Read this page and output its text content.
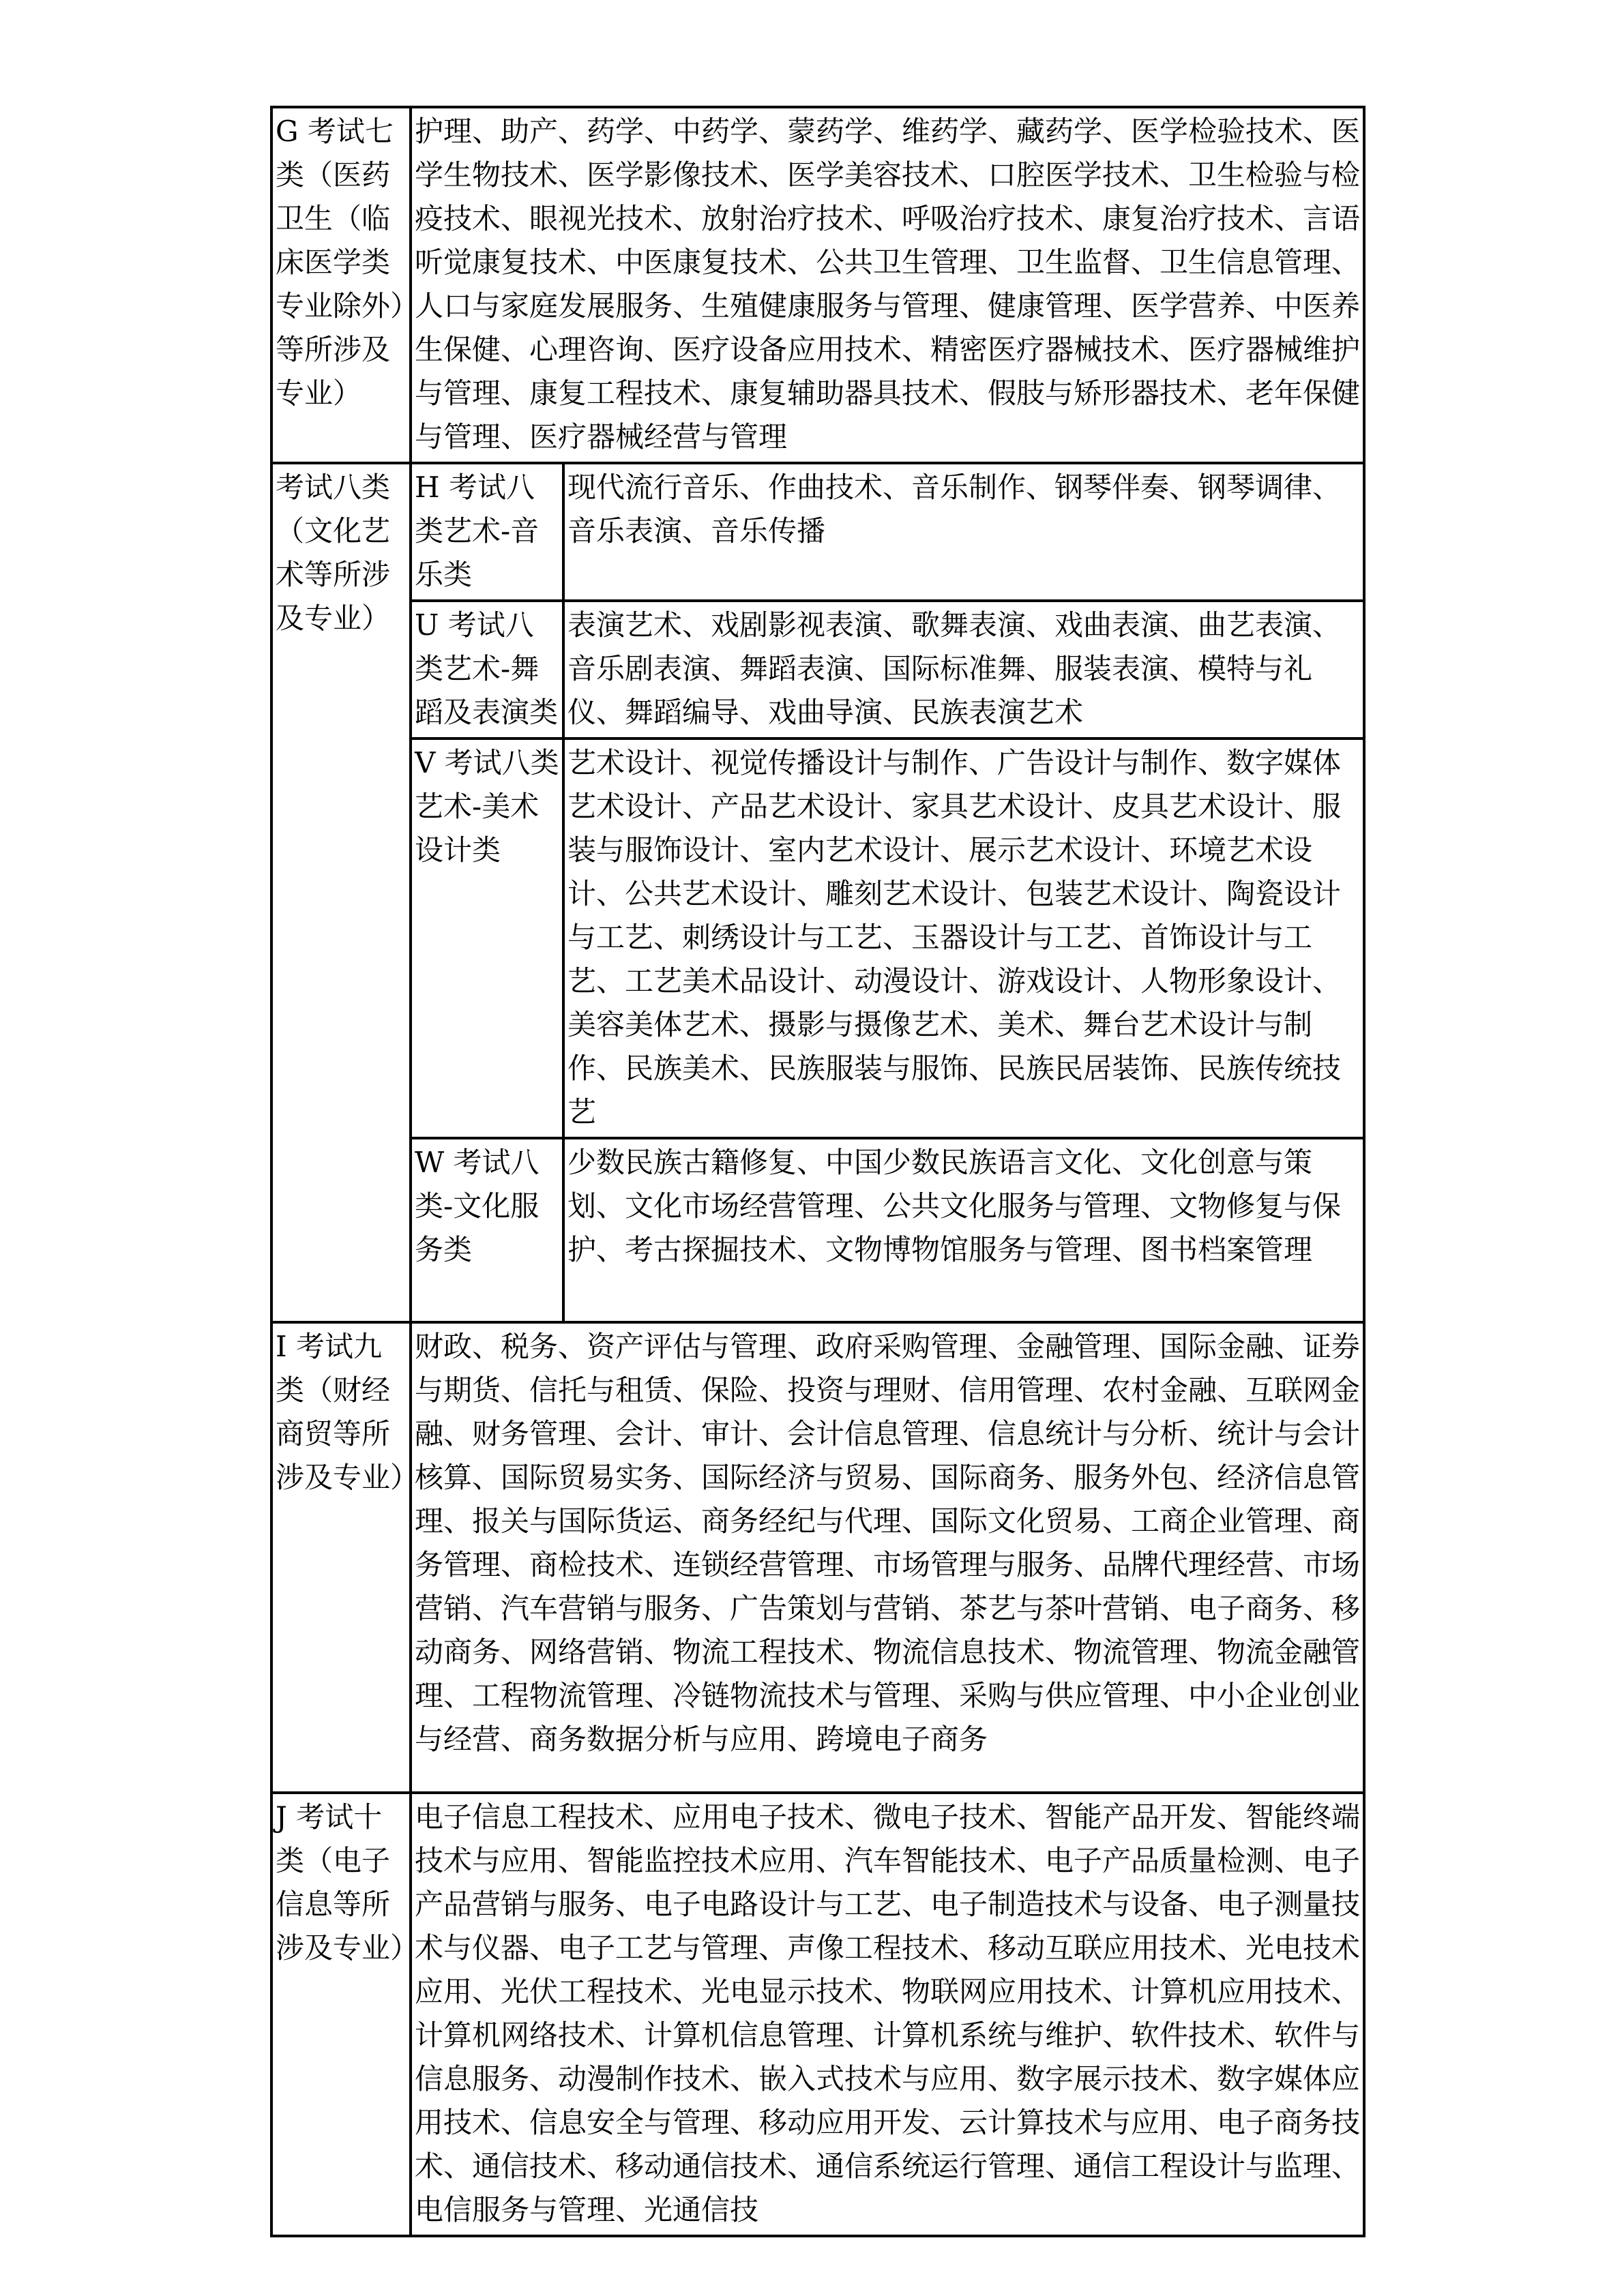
G 考试七类（医药卫生（临床医学类专业除外）等所涉及专业）	护理、助产、药学、中药学、蒙药学、维药学、藏药学、医学检验技术、医学生物技术、医学影像技术、医学美容技术、口腔医学技术、卫生检验与检疫技术、眼视光技术、放射治疗技术、呼吸治疗技术、康复治疗技术、言语听觉康复技术、中医康复技术、公共卫生管理、卫生监督、卫生信息管理、人口与家庭发展服务、生殖健康服务与管理、健康管理、医学营养、中医养生保健、心理咨询、医疗设备应用技术、精密医疗器械技术、医疗器械维护与管理、康复工程技术、康复辅助器具技术、假肢与矫形器技术、老年保健与管理、医疗器械经营与管理	

考试八类（文化艺术等所涉及专业）	H 考试八类艺术-音乐类	现代流行音乐、作曲技术、音乐制作、钢琴伴奏、钢琴调律、音乐表演、音乐传播

	U 考试八类艺术-舞蹈及表演类	表演艺术、戏剧影视表演、歌舞表演、戏曲表演、曲艺表演、音乐剧表演、舞蹈表演、国际标准舞、服装表演、模特与礼仪、舞蹈编导、戏曲导演、民族表演艺术

	V 考试八类艺术-美术设计类	艺术设计、视觉传播设计与制作、广告设计与制作、数字媒体艺术设计、产品艺术设计、家具艺术设计、皮具艺术设计、服装与服饰设计、室内艺术设计、展示艺术设计、环境艺术设计、公共艺术设计、雕刻艺术设计、包装艺术设计、陶瓷设计与工艺、刺绣设计与工艺、玉器设计与工艺、首饰设计与工艺、工艺美术品设计、动漫设计、游戏设计、人物形象设计、美容美体艺术、摄影与摄像艺术、美术、舞台艺术设计与制作、民族美术、民族服装与服饰、民族民居装饰、民族传统技艺

	W 考试八类-文化服务类	少数民族古籍修复、中国少数民族语言文化、文化创意与策划、文化市场经营管理、公共文化服务与管理、文物修复与保护、考古探掘技术、文物博物馆服务与管理、图书档案管理

I 考试九类（财经商贸等所涉及专业）	财政、税务、资产评估与管理、政府采购管理、金融管理、国际金融、证券与期货、信托与租赁、保险、投资与理财、信用管理、农村金融、互联网金融、财务管理、会计、审计、会计信息管理、信息统计与分析、统计与会计核算、国际贸易实务、国际经济与贸易、国际商务、服务外包、经济信息管理、报关与国际货运、商务经纪与代理、国际文化贸易、工商企业管理、商务管理、商检技术、连锁经营管理、市场管理与服务、品牌代理经营、市场营销、汽车营销与服务、广告策划与营销、茶艺与茶叶营销、电子商务、移动商务、网络营销、物流工程技术、物流信息技术、物流管理、物流金融管理、工程物流管理、冷链物流技术与管理、采购与供应管理、中小企业创业与经营、商务数据分析与应用、跨境电子商务	

J 考试十类（电子信息等所涉及专业）	电子信息工程技术、应用电子技术、微电子技术、智能产品开发、智能终端技术与应用、智能监控技术应用、汽车智能技术、电子产品质量检测、电子产品营销与服务、电子电路设计与工艺、电子制造技术与设备、电子测量技术与仪器、电子工艺与管理、声像工程技术、移动互联应用技术、光电技术应用、光伏工程技术、光电显示技术、物联网应用技术、计算机应用技术、计算机网络技术、计算机信息管理、计算机系统与维护、软件技术、软件与信息服务、动漫制作技术、嵌入式技术与应用、数字展示技术、数字媒体应用技术、信息安全与管理、移动应用开发、云计算技术与应用、电子商务技术、通信技术、移动通信技术、通信系统运行管理、通信工程设计与监理、电信服务与管理、光通信技	
